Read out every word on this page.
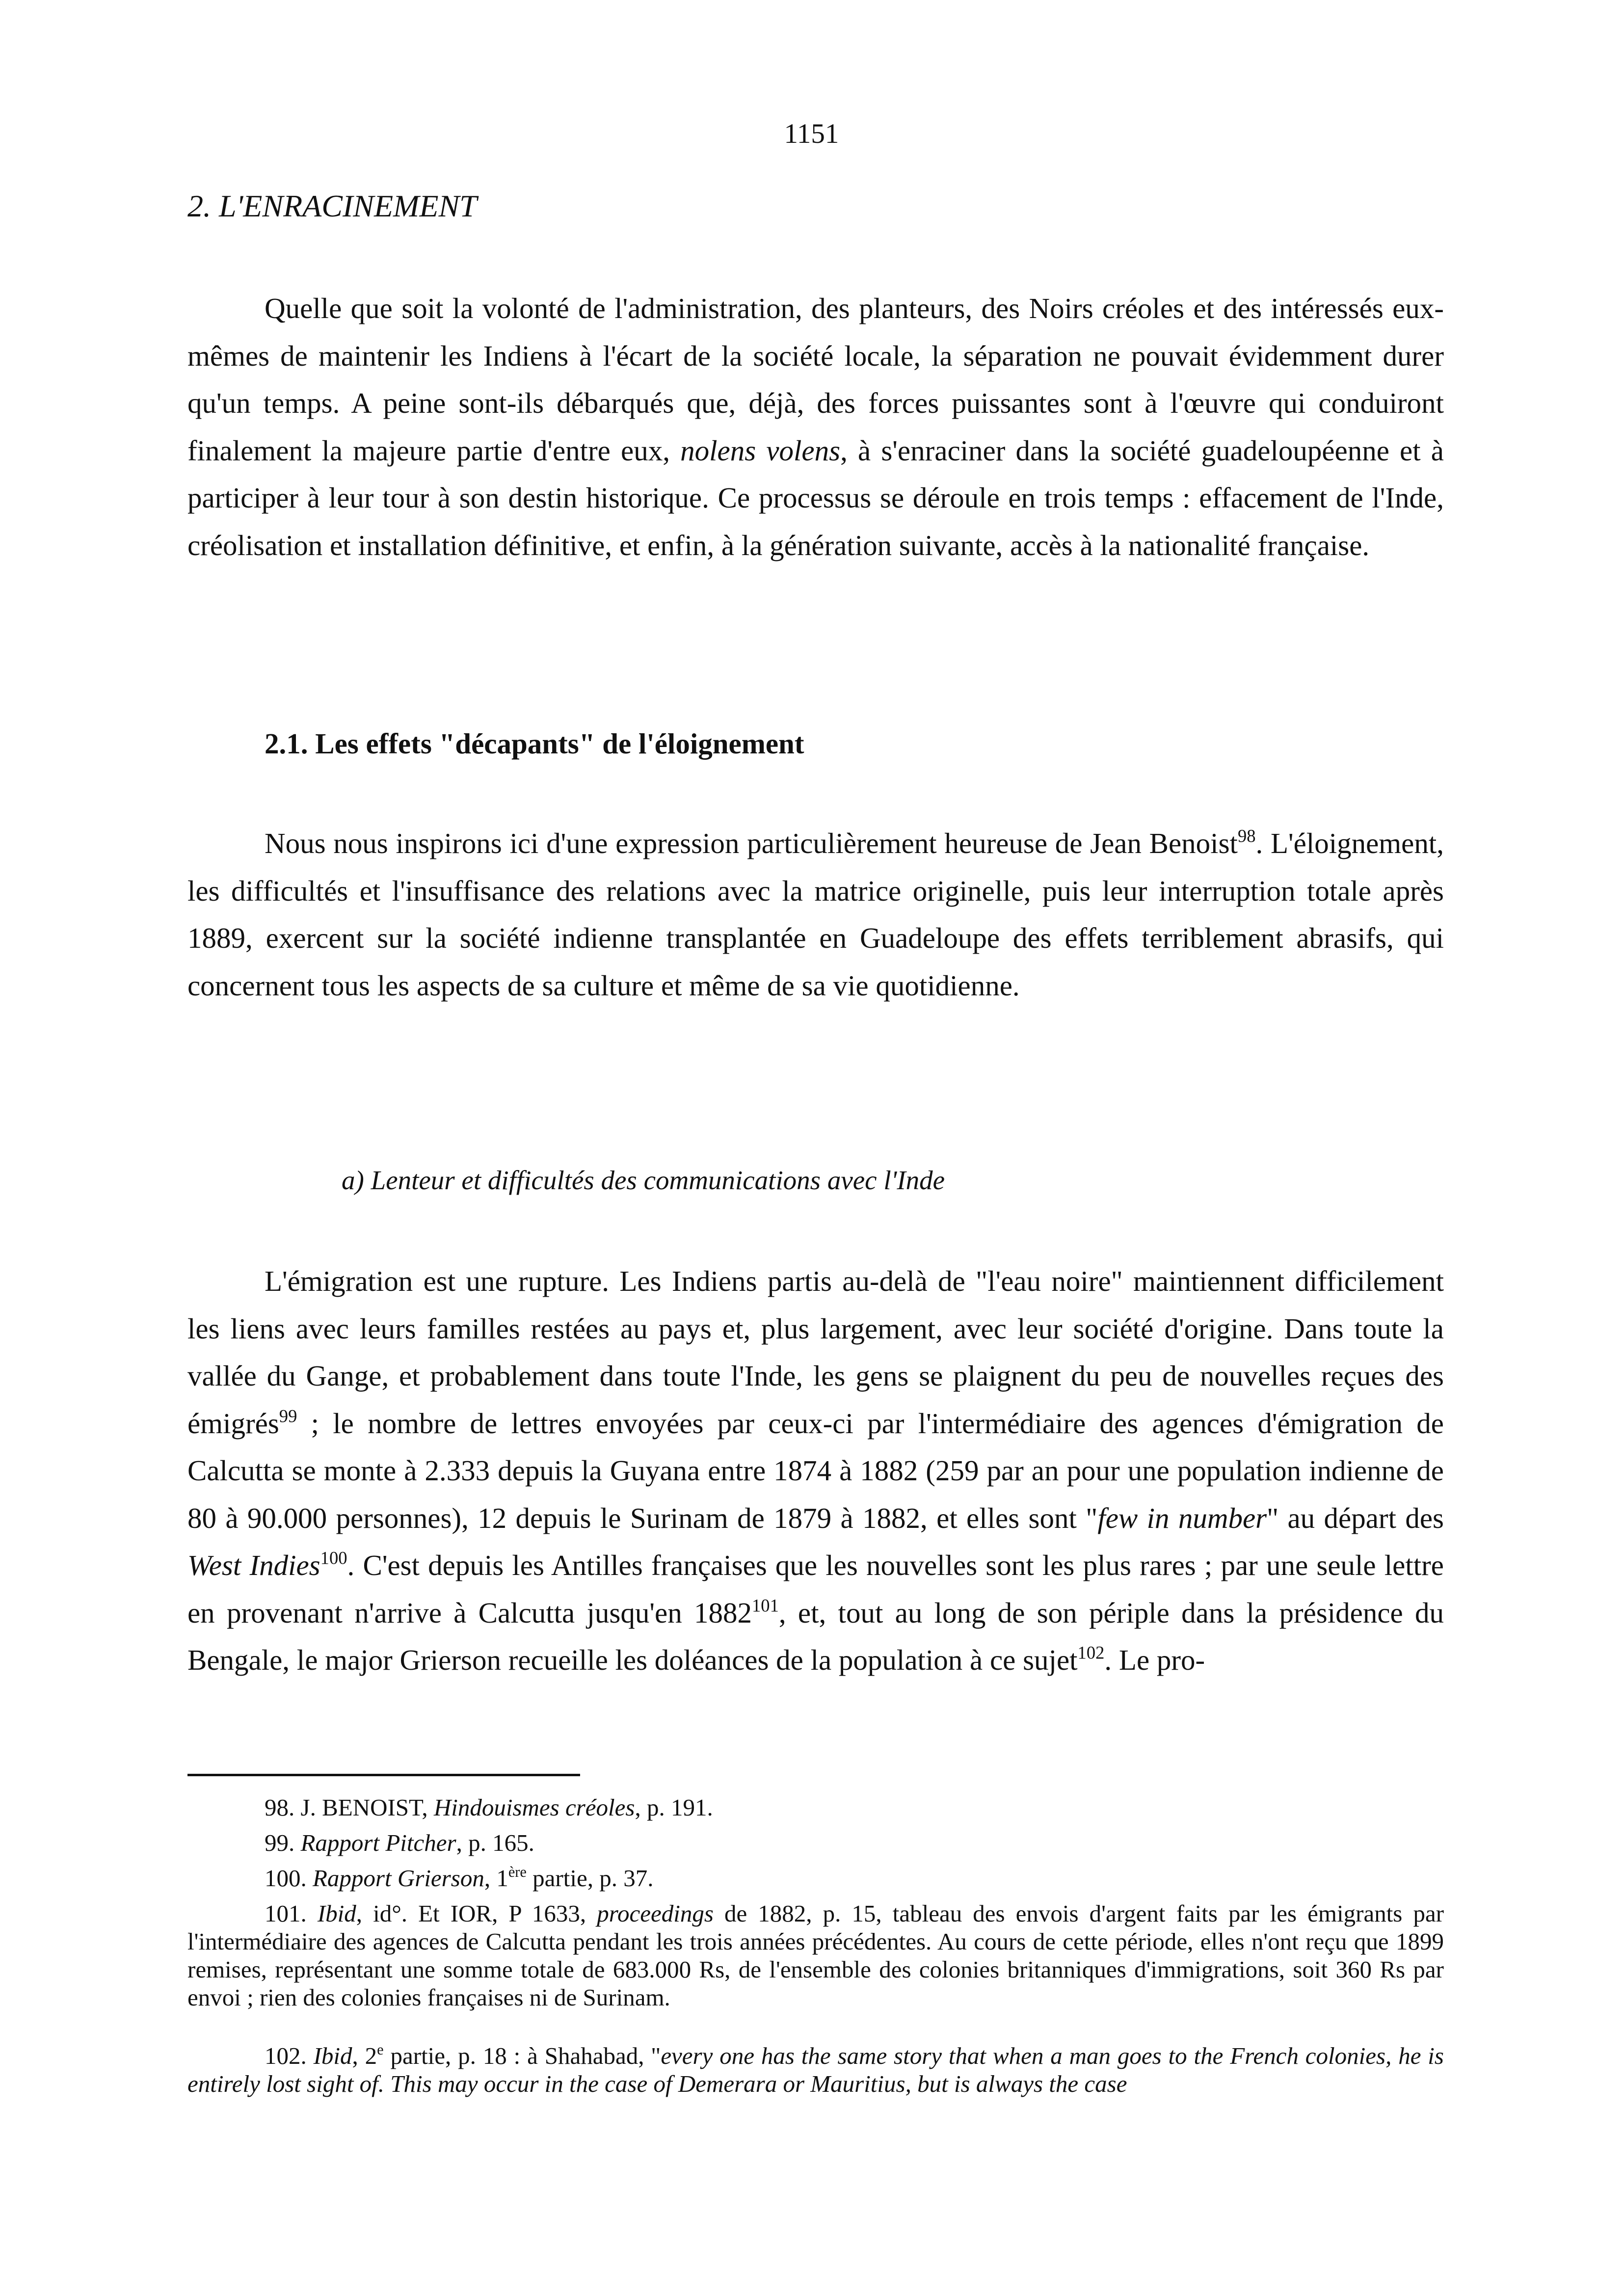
1151
2. L'ENRACINEMENT

Quelle que soit la volonté de l'administration, des planteurs, des Noirs créoles et des intéressés eux-mêmes de maintenir les Indiens à l'écart de la société locale, la séparation ne pouvait évidemment durer qu'un temps. A peine sont-ils débarqués que, déjà, des forces puissantes sont à l'œuvre qui conduiront finalement la majeure partie d'entre eux, nolens volens, à s'enraciner dans la société guadeloupéenne et à participer à leur tour à son destin historique. Ce processus se déroule en trois temps : effacement de l'Inde, créolisation et installation définitive, et enfin, à la génération suivante, accès à la nationalité française.

2.1. Les effets "décapants" de l'éloignement

Nous nous inspirons ici d'une expression particulièrement heureuse de Jean Benoist$^{98}$. L'éloignement, les difficultés et l'insuffisance des relations avec la matrice originelle, puis leur interruption totale après 1889, exercent sur la société indienne transplantée en Guadeloupe des effets terriblement abrasifs, qui concernent tous les aspects de sa culture et même de sa vie quotidienne.

a) Lenteur et difficultés des communications avec l'Inde

L'émigration est une rupture. Les Indiens partis au-delà de "l'eau noire" maintiennent difficilement les liens avec leurs familles restées au pays et, plus largement, avec leur société d'origine. Dans toute la vallée du Gange, et probablement dans toute l'Inde, les gens se plaignent du peu de nouvelles reçues des émigrés$^{99}$ ; le nombre de lettres envoyées par ceux-ci par l'intermédiaire des agences d'émigration de Calcutta se monte à 2.333 depuis la Guyana entre 1874 à 1882 (259 par an pour une population indienne de 80 à 90.000 personnes), 12 depuis le Surinam de 1879 à 1882, et elles sont "few in number" au départ des West Indies$^{100}$. C'est depuis les Antilles françaises que les nouvelles sont les plus rares ; par une seule lettre en provenant n'arrive à Calcutta jusqu'en 1882$^{101}$, et, tout au long de son périple dans la présidence du Bengale, le major Grierson recueille les doléances de la population à ce sujet$^{102}$. Le pro-

98. J. BENOIST, Hindouismes créoles, p. 191.

99. Rapport Pitcher, p. 165.

100. Rapport Grierson, 1ère partie, p. 37.

101. Ibid, id°. Et IOR, P 1633, proceedings de 1882, p. 15, tableau des envois d'argent faits par les émigrants par l'intermédiaire des agences de Calcutta pendant les trois années précédentes. Au cours de cette période, elles n'ont reçu que 1899 remises, représentant une somme totale de 683.000 Rs, de l'ensemble des colonies britanniques d'immigrations, soit 360 Rs par envoi ; rien des colonies françaises ni de Surinam.

102. Ibid, 2e partie, p. 18 : à Shahabad, "every one has the same story that when a man goes to the French colonies, he is entirely lost sight of. This may occur in the case of Demerara or Mauritius, but is always the case
